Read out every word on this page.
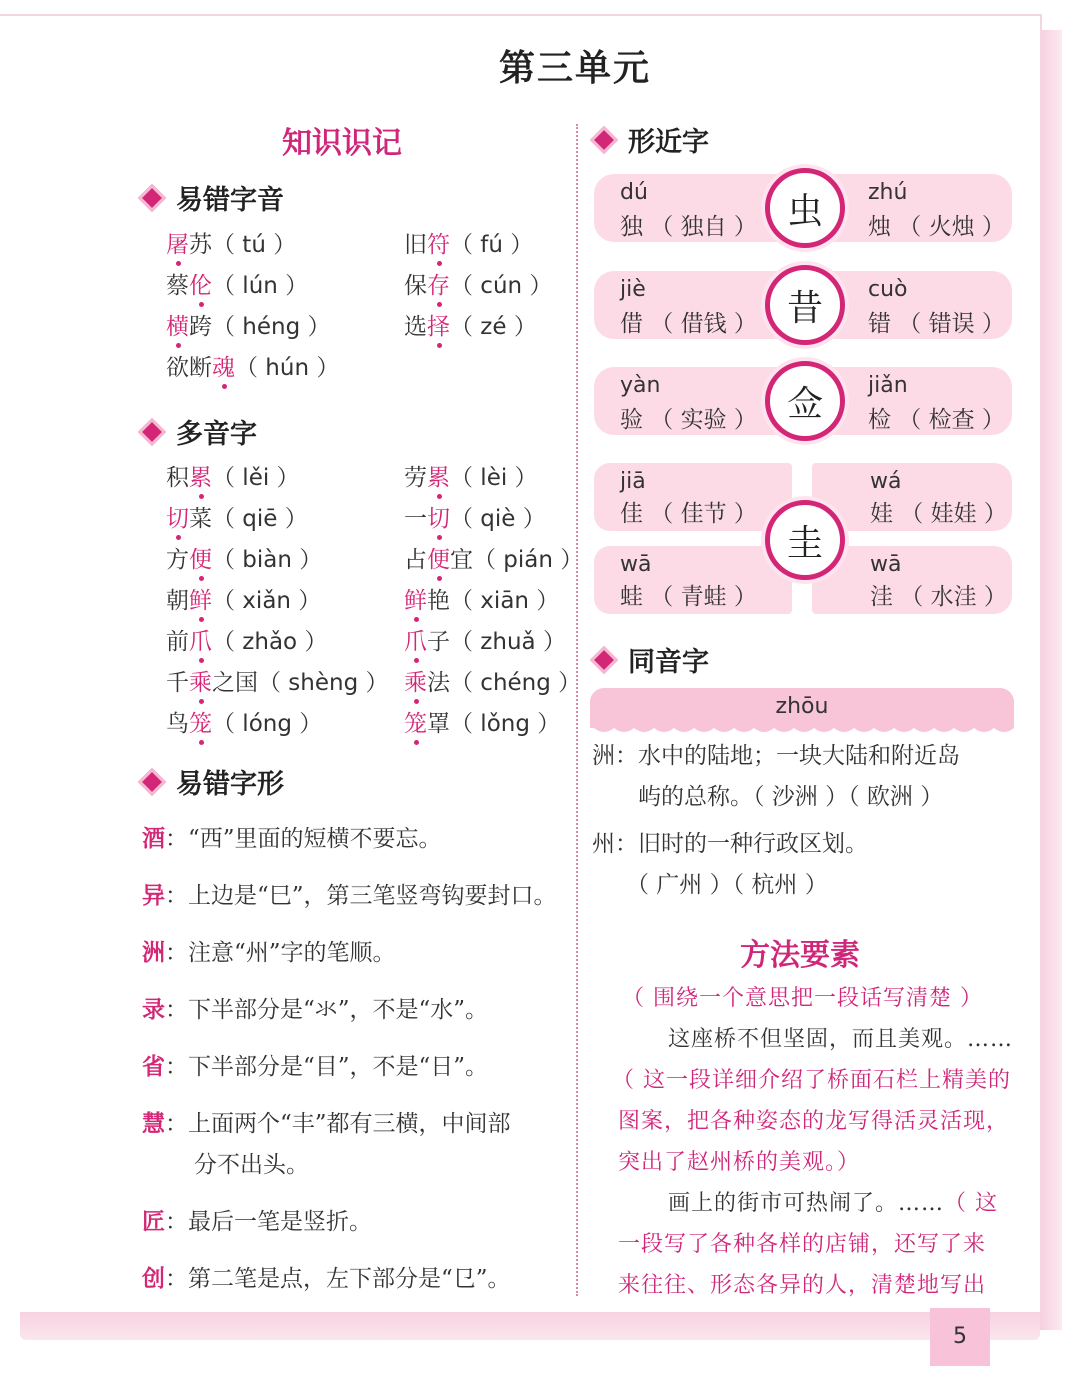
第三单元
知识识记
易错字音
屠苏（ tú ）	旧符（ fú ）
蔡伦（ lún ）	保存（ cún ）
横跨（ héng ）	选择（ zé ）
欲断魂（ hún ）
多音字
积累（ lěi ）	劳累（ lèi ）
切菜（ qiē ）	一切（ qiè ）
方便（ biàn ）	占便宜（ pián ）
朝鲜（ xiǎn ）	鲜艳（ xiān ）
前爪（ zhǎo ）	爪子（ zhuǎ ）
千乘之国（ shèng ） 乘法（ chéng ）
鸟笼（ lóng ）	笼罩（ lǒng ）
易错字形
酒：“西”里面的短横不要忘。
异：上边是“巳”，第三笔竖弯钩要封口。
洲：注意“州”字的笔顺。
录：下半部分是“氺”，不是“水”。
省：下半部分是“目”，不是“日”。
慧：上面两个“丰”都有三横，中间部
分不出头。
匠：最后一笔是竖折。
创：第二笔是点，左下部分是“㔾”。
形近字
dú
独 （ 独自 ）
zhú
烛 （ 火烛 ）
虫
jiè
借 （ 借钱 ）
cuò
错 （ 错误 ）
昔
yàn
验 （ 实验 ）
jiǎn
检 （ 检查 ）
佥
jiā
佳 （ 佳节 ）
wá
娃 （ 娃娃 ）
wā
蛙 （ 青蛙 ）
wā
洼 （ 水洼 ）
圭
同音字
zhōu
洲：水中的陆地；一块大陆和附近岛
屿的总称。（ 沙洲 ）（ 欧洲 ）
州：旧时的一种行政区划。
（ 广州 ）（ 杭州 ）
方法要素
（ 围绕一个意思把一段话写清楚 ）
这座桥不但坚固，而且美观。……
（ 这一段详细介绍了桥面石栏上精美的
图案，把各种姿态的龙写得活灵活现，
突出了赵州桥的美观。）
画上的街市可热闹了。……（ 这
一段写了各种各样的店铺，还写了来
来往往、形态各异的人，清楚地写出
5
